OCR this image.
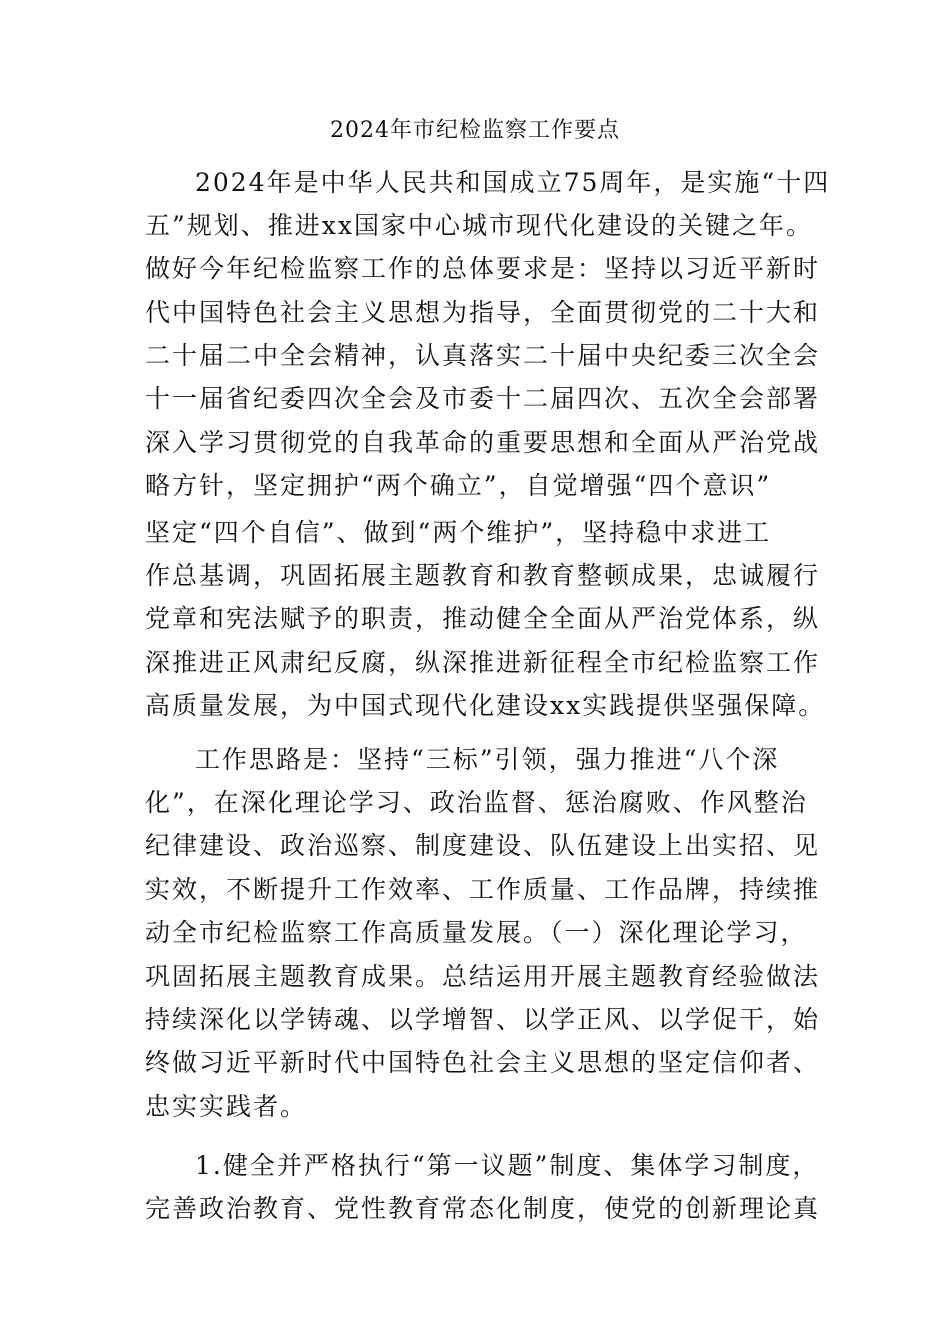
2024年市纪检监察工作要点
2024年是中华人民共和国成立75周年，是实施“十四
五”规划、推进xx国家中心城市现代化建设的关键之年。
做好今年纪检监察工作的总体要求是：坚持以习近平新时
代中国特色社会主义思想为指导，全面贯彻党的二十大和
二十届二中全会精神，认真落实二十届中央纪委三次全会
十一届省纪委四次全会及市委十二届四次、五次全会部署
深入学习贯彻党的自我革命的重要思想和全面从严治党战
略方针，坚定拥护“两个确立”，自觉增强“四个意识”
坚定“四个自信”、做到“两个维护”，坚持稳中求进工
作总基调，巩固拓展主题教育和教育整顿成果，忠诚履行
党章和宪法赋予的职责，推动健全全面从严治党体系，纵
深推进正风肃纪反腐，纵深推进新征程全市纪检监察工作
高质量发展，为中国式现代化建设xx实践提供坚强保障。
工作思路是：坚持“三标”引领，强力推进“八个深
化”，在深化理论学习、政治监督、惩治腐败、作风整治
纪律建设、政治巡察、制度建设、队伍建设上出实招、见
实效，不断提升工作效率、工作质量、工作品牌，持续推
动全市纪检监察工作高质量发展。（一）深化理论学习，
巩固拓展主题教育成果。总结运用开展主题教育经验做法
持续深化以学铸魂、以学增智、以学正风、以学促干，始
终做习近平新时代中国特色社会主义思想的坚定信仰者、
忠实实践者。
1.健全并严格执行“第一议题”制度、集体学习制度，
完善政治教育、党性教育常态化制度，使党的创新理论真
